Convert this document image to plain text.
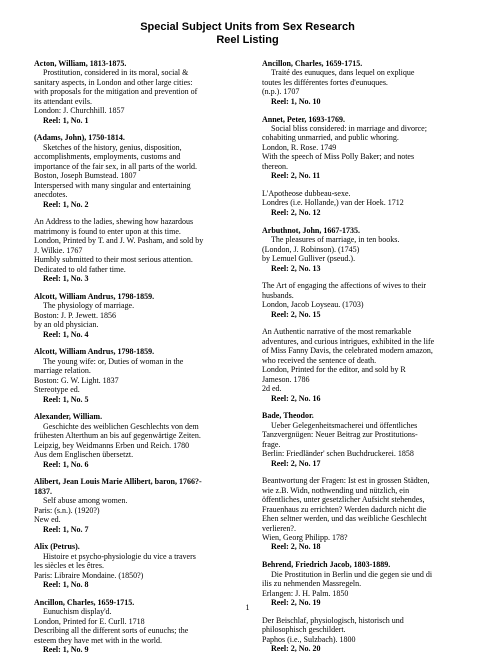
Special Subject Units from Sex Research
Reel Listing
Acton, William, 1813-1875.
Prostitution, considered in its moral, social &
sanitary aspects, in London and other large cities:
with proposals for the mitigation and prevention of
its attendant evils.
London: J. Churchhill. 1857
Reel: 1, No. 1
(Adams, John), 1750-1814.
Sketches of the history, genius, disposition,
accomplishments, employments, customs and
importance of the fair sex, in all parts of the world.
Boston, Joseph Bumstead. 1807
Interspersed with many singular and entertaining
anecdotes.
Reel: 1, No. 2
An Address to the ladies, shewing how hazardous
matrimony is found to enter upon at this time.
London, Printed by T. and J. W. Pasham, and sold by
J. Wilkie. 1767
Humbly submitted to their most serious attention.
Dedicated to old father time.
Reel: 1, No. 3
Alcott, William Andrus, 1798-1859.
The physiology of marriage.
Boston: J. P. Jewett. 1856
by an old physician.
Reel: 1, No. 4
Alcott, William Andrus, 1798-1859.
The young wife: or, Duties of woman in the
marriage relation.
Boston: G. W. Light. 1837
Stereotype ed.
Reel: 1, No. 5
Alexander, William.
Geschichte des weiblichen Geschlechts von dem
frühesten Alterthum an bis auf gegenwärtige Zeiten.
Leipzig, bey Weidmanns Erben und Reich. 1780
Aus dem Englischen übersetzt.
Reel: 1, No. 6
Alibert, Jean Louis Marie Allibert, baron, 1766?-
1837.
Self abuse among women.
Paris: (s.n.). (1920?)
New ed.
Reel: 1, No. 7
Alix (Petrus).
Histoire et psycho-physiologie du vice a travers
les siècles et les êtres.
Paris: Libraire Mondaine. (1850?)
Reel: 1, No. 8
Ancillon, Charles, 1659-1715.
Eunuchism display'd.
London, Printed for E. Curll. 1718
Describing all the different sorts of eunuchs; the
esteem they have met with in the world.
Reel: 1, No. 9
Ancillon, Charles, 1659-1715.
Traité des eunuques, dans lequel on explique
toutes les différentes fortes d'eunuques.
(n.p.). 1707
Reel: 1, No. 10
Annet, Peter, 1693-1769.
Social bliss considered: in marriage and divorce;
cohabiting unmarried, and public whoring.
London, R. Rose. 1749
With the speech of Miss Polly Baker; and notes
thereon.
Reel: 2, No. 11
L'Apotheose dubbeau-sexe.
Londres (i.e. Hollande,) van der Hoek. 1712
Reel: 2, No. 12
Arbuthnot, John, 1667-1735.
The pleasures of marriage, in ten books.
(London, J. Robinson). (1745)
by Lemuel Gulliver (pseud.).
Reel: 2, No. 13
The Art of engaging the affections of wives to their
husbands.
London, Jacob Loyseau. (1703)
Reel: 2, No. 15
An Authentic narrative of the most remarkable
adventures, and curious intrigues, exhibited in the life
of Miss Fanny Davis, the celebrated modern amazon,
who received the sentence of death.
London, Printed for the editor, and sold by R
Jameson. 1786
2d ed.
Reel: 2, No. 16
Bade, Theodor.
Ueber Gelegenheitsmacherei und öffentliches
Tanzvergnügen: Neuer Beitrag zur Prostitutions-
frage.
Berlin: Friedländer' schen Buchdruckerei. 1858
Reel: 2, No. 17
Beantwortung der Fragen: Ist est in grossen Städten,
wie z.B. Widn, nothwending und nützlich, ein
öffentliches, unter gesetzlicher Aufsicht stehendes,
Frauenhaus zu errichten? Werden dadurch nicht die
Ehen seltner werden, und das weibliche Geschlecht
verlieren?.
Wien, Georg Philipp. 178?
Reel: 2, No. 18
Behrend, Friedrich Jacob, 1803-1889.
Die Prostitution in Berlin und die gegen sie und di
ilis zu nehmenden Massregeln.
Erlangen: J. H. Palm. 1850
Reel: 2, No. 19
Der Beischlaf, physiologisch, historisch und
philosophisch geschildert.
Paphos (i.e., Sulzbach). 1800
Reel: 2, No. 20
1
